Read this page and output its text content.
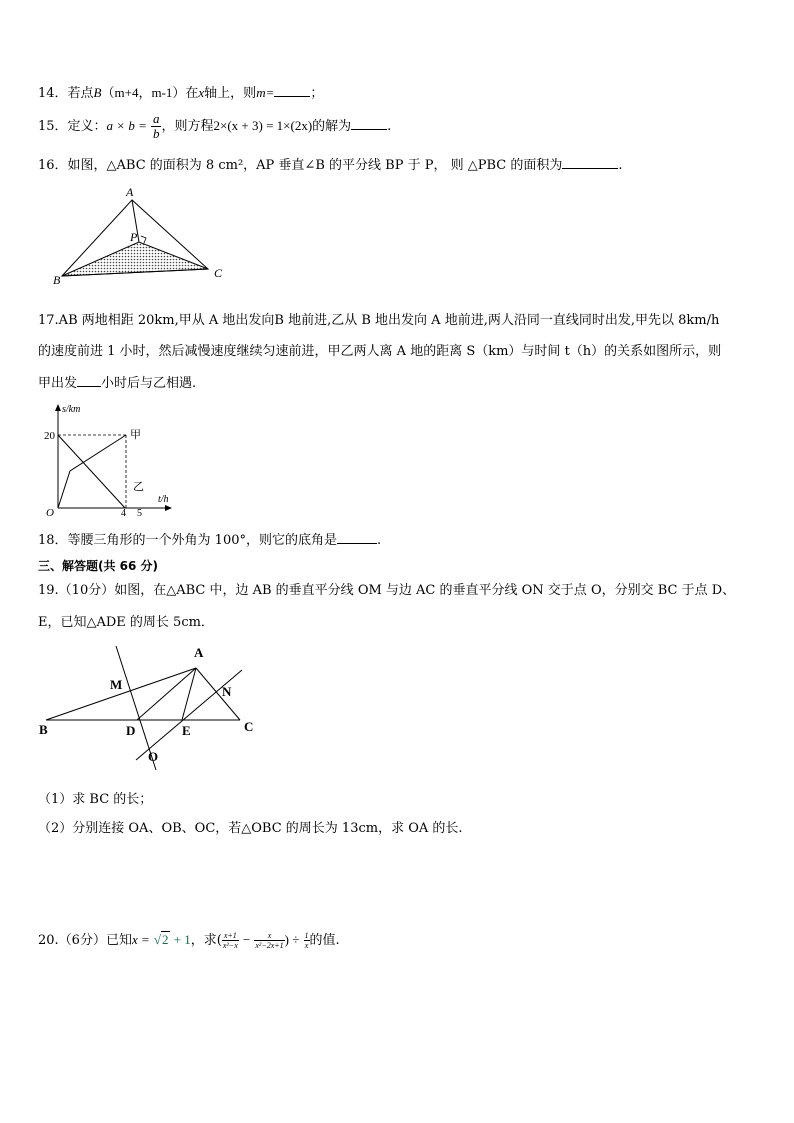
14．若点B（m+4，m-1）在x轴上，则m=	；
15．定义：$a \times b = \frac{a}{b}$ ，则方程2×(x + 3) = 1×(2x)的解为	.
16．如图，△ABC 的面积为 8 cm²，AP 垂直∠B 的平分线 BP 于 P， 则 △PBC 的面积为	.
A
B	C
P
17.AB 两地相距 20km,甲从 A 地出发向B 地前进,乙从 B 地出发向 A 地前进,两人沿同一直线同时出发,甲先以 8km/h
的速度前进 1 小时，然后减慢速度继续匀速前进，甲乙两人离 A 地的距离 S（km）与时间 t（h）的关系如图所示，则
甲出发 小时后与乙相遇.
s/km
20
O	4 5
t/h
甲
乙
18．等腰三角形的一个外角为 100°，则它的底角是	.
三、解答题(共 66 分)
19.（10分）如图，在△ABC 中，边 AB 的垂直平分线 OM 与边 AC 的垂直平分线 ON 交于点 O，分别交 BC 于点 D、
E，已知△ADE 的周长 5cm．
A
B	C
D	E
M	N
O
（1）求 BC 的长；
（2）分别连接 OA、OB、OC，若△OBC 的周长为 13cm，求 OA 的长.
20.（6分）已知x = √2 + 1，求( $\frac{x+1}{\text{x²−x}} - \frac{x}{\text{x²−2x+1}}$ ) ÷ $\frac{1}{x}$ 的值.
